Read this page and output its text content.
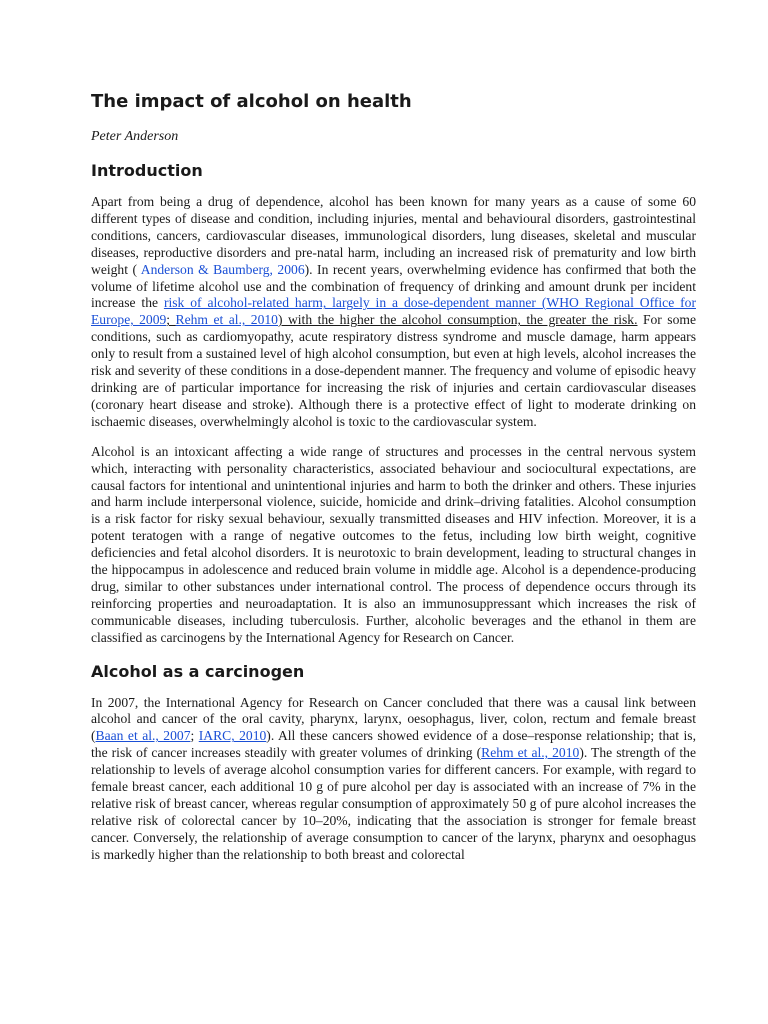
The impact of alcohol on health
Peter Anderson
Introduction

Apart from being a drug of dependence, alcohol has been known for many years as a cause of some 60 different types of disease and condition, including injuries, mental and behavioural disorders, gastrointestinal conditions, cancers, cardiovascular diseases, immunological disorders, lung diseases, skeletal and muscular diseases, reproductive disorders and pre-natal harm, including an increased risk of prematurity and low birth weight ( Anderson & Baumberg, 2006). In recent years, overwhelming evidence has confirmed that both the volume of lifetime alcohol use and the combination of frequency of drinking and amount drunk per incident increase the risk of alcohol-related harm, largely in a dose-dependent manner (WHO Regional Office for Europe, 2009; Rehm et al., 2010) with the higher the alcohol consumption, the greater the risk. For some conditions, such as cardiomyopathy, acute respiratory distress syndrome and muscle damage, harm appears only to result from a sustained level of high alcohol consumption, but even at high levels, alcohol increases the risk and severity of these conditions in a dose-dependent manner. The frequency and volume of episodic heavy drinking are of particular importance for increasing the risk of injuries and certain cardiovascular diseases (coronary heart disease and stroke). Although there is a protective effect of light to moderate drinking on ischaemic diseases, overwhelmingly alcohol is toxic to the cardiovascular system.

Alcohol is an intoxicant affecting a wide range of structures and processes in the central nervous system which, interacting with personality characteristics, associated behaviour and sociocultural expectations, are causal factors for intentional and unintentional injuries and harm to both the drinker and others. These injuries and harm include interpersonal violence, suicide, homicide and drink–driving fatalities. Alcohol consumption is a risk factor for risky sexual behaviour, sexually transmitted diseases and HIV infection. Moreover, it is a potent teratogen with a range of negative outcomes to the fetus, including low birth weight, cognitive deficiencies and fetal alcohol disorders. It is neurotoxic to brain development, leading to structural changes in the hippocampus in adolescence and reduced brain volume in middle age. Alcohol is a dependence-producing drug, similar to other substances under international control. The process of dependence occurs through its reinforcing properties and neuroadaptation. It is also an immunosuppressant which increases the risk of communicable diseases, including tuberculosis. Further, alcoholic beverages and the ethanol in them are classified as carcinogens by the International Agency for Research on Cancer.

Alcohol as a carcinogen

In 2007, the International Agency for Research on Cancer concluded that there was a causal link between alcohol and cancer of the oral cavity, pharynx, larynx, oesophagus, liver, colon, rectum and female breast (Baan et al., 2007; IARC, 2010). All these cancers showed evidence of a dose–response relationship; that is, the risk of cancer increases steadily with greater volumes of drinking (Rehm et al., 2010). The strength of the relationship to levels of average alcohol consumption varies for different cancers. For example, with regard to female breast cancer, each additional 10 g of pure alcohol per day is associated with an increase of 7% in the relative risk of breast cancer, whereas regular consumption of approximately 50 g of pure alcohol increases the relative risk of colorectal cancer by 10–20%, indicating that the association is stronger for female breast cancer. Conversely, the relationship of average consumption to cancer of the larynx, pharynx and oesophagus is markedly higher than the relationship to both breast and colorectal
